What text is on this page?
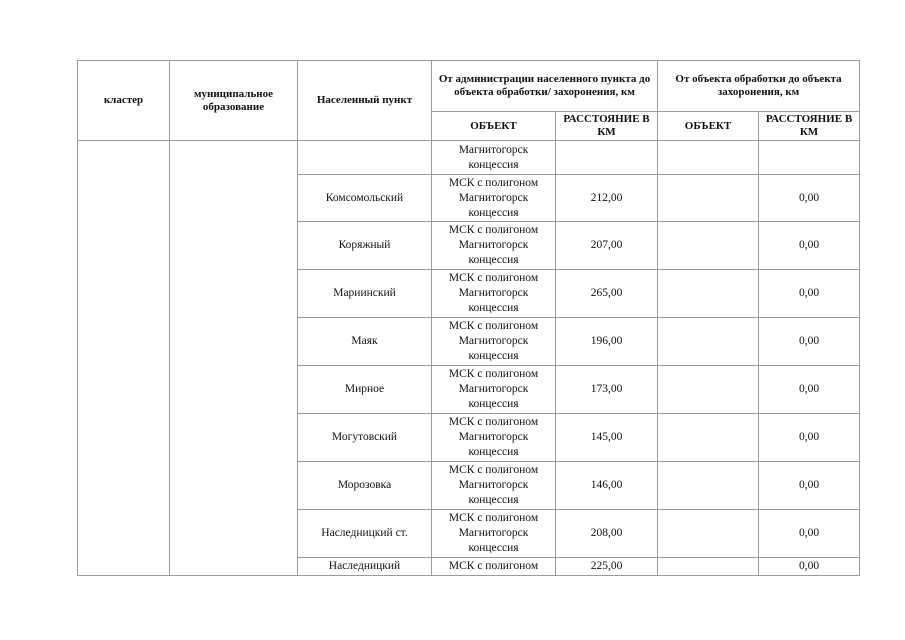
кластер	муниципальное образование	Населенный пункт	От администрации населенного пункта до объекта обработки/ захоронения, км		От объекта обработки до объекта захоронения, км	
			ОБЪЕКТ	РАССТОЯНИЕ В КМ	ОБЪЕКТ	РАССТОЯНИЕ В КМ
			Магнитогорск
концессия			
		Комсомольский	МСК с полигоном
Магнитогорск
концессия	212,00		0,00
		Коряжный	МСК с полигоном
Магнитогорск
концессия	207,00		0,00
		Мариинский	МСК с полигоном
Магнитогорск
концессия	265,00		0,00

		Маяк	МСК с полигоном
Магнитогорск
концессия	196,00		0,00
		Мирное	МСК с полигоном
Магнитогорск
концессия	173,00		0,00
		Могутовский	МСК с полигоном
Магнитогорск
концессия	145,00		0,00
		Морозовка	МСК с полигоном
Магнитогорск
концессия	146,00		0,00
		Наследницкий ст.	МСК с полигоном
Магнитогорск
концессия	208,00		0,00
		Наследницкий	МСК с полигоном	225,00		0,00
